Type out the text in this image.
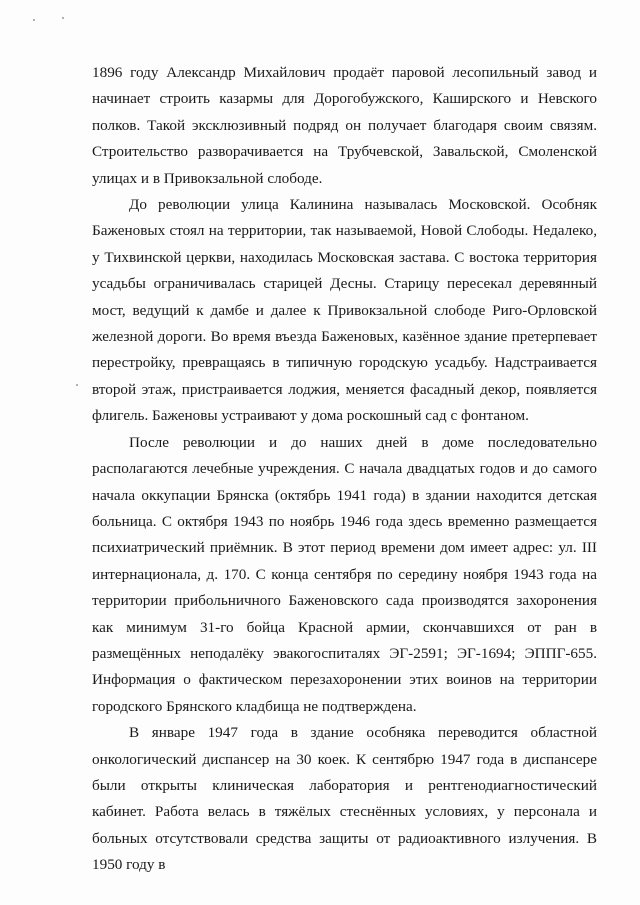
1896 году Александр Михайлович продаёт паровой лесопильный завод и начинает строить казармы для Дорогобужского, Каширского и Невского полков. Такой эксклюзивный подряд он получает благодаря своим связям. Строительство разворачивается на Трубчевской, Завальской, Смоленской улицах и в Привокзальной слободе.

До революции улица Калинина называлась Московской. Особняк Баженовых стоял на территории, так называемой, Новой Слободы. Недалеко, у Тихвинской церкви, находилась Московская застава. С востока территория усадьбы ограничивалась старицей Десны. Старицу пересекал деревянный мост, ведущий к дамбе и далее к Привокзальной слободе Риго-Орловской железной дороги. Во время въезда Баженовых, казённое здание претерпевает перестройку, превращаясь в типичную городскую усадьбу. Надстраивается второй этаж, пристраивается лоджия, меняется фасадный декор, появляется флигель. Баженовы устраивают у дома роскошный сад с фонтаном.

После революции и до наших дней в доме последовательно располагаются лечебные учреждения. С начала двадцатых годов и до самого начала оккупации Брянска (октябрь 1941 года) в здании находится детская больница. С октября 1943 по ноябрь 1946 года здесь временно размещается психиатрический приёмник. В этот период времени дом имеет адрес: ул. III интернационала, д. 170. С конца сентября по середину ноября 1943 года на территории прибольничного Баженовского сада производятся захоронения как минимум 31-го бойца Красной армии, скончавшихся от ран в размещённых неподалёку эвакогоспиталях ЭГ-2591; ЭГ-1694; ЭППГ-655. Информация о фактическом перезахоронении этих воинов на территории городского Брянского кладбища не подтверждена.

В январе 1947 года в здание особняка переводится областной онкологический диспансер на 30 коек. К сентябрю 1947 года в диспансере были открыты клиническая лаборатория и рентгенодиагностический кабинет. Работа велась в тяжёлых стеснённых условиях, у персонала и больных отсутствовали средства защиты от радиоактивного излучения. В 1950 году в
